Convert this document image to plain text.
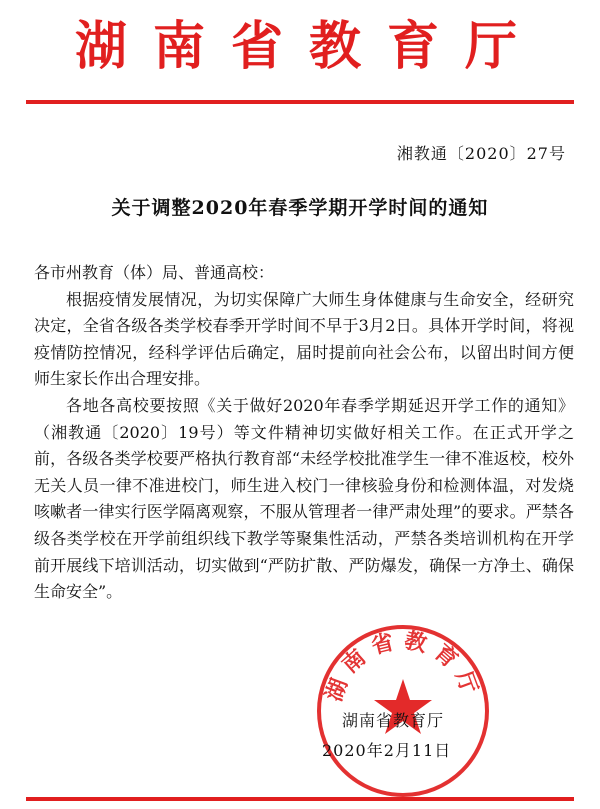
湖南省教育厅
湘教通〔2020〕27号
关于调整2020年春季学期开学时间的通知

各市州教育（体）局、普通高校：

根据疫情发展情况，为切实保障广大师生身体健康与生命安全，经研究决定，全省各级各类学校春季开学时间不早于3月2日。具体开学时间，将视疫情防控情况，经科学评估后确定，届时提前向社会公布，以留出时间方便师生家长作出合理安排。

各地各高校要按照《关于做好2020年春季学期延迟开学工作的通知》（湘教通〔2020〕19号）等文件精神切实做好相关工作。在正式开学之前，各级各类学校要严格执行教育部“未经学校批准学生一律不准返校，校外无关人员一律不准进校门，师生进入校门一律核验身份和检测体温，对发烧咳嗽者一律实行医学隔离观察，不服从管理者一律严肃处理”的要求。严禁各级各类学校在开学前组织线下教学等聚集性活动，严禁各类培训机构在开学前开展线下培训活动，切实做到“严防扩散、严防爆发，确保一方净土、确保生命安全”。

湖南省教育厅
湖南省教育厅
2020年2月11日
